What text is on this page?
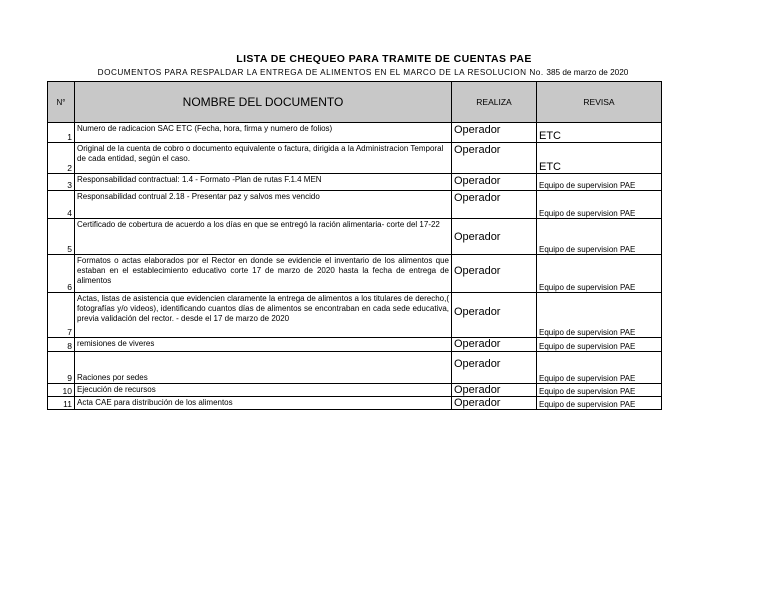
LISTA DE CHEQUEO PARA TRAMITE DE CUENTAS PAE
DOCUMENTOS PARA RESPALDAR LA ENTREGA DE ALIMENTOS EN EL MARCO DE LA RESOLUCION No. 385 de marzo de 2020
N°	NOMBRE DEL DOCUMENTO	REALIZA	REVISA
1	Numero de radicacion SAC ETC (Fecha, hora, firma y numero de folios)	Operador	ETC
2	Original de la cuenta de cobro o documento equivalente o factura, dirigida a la Administracion Temporal de cada entidad, según el caso.	Operador	ETC
3	Responsabilidad contractual: 1.4 - Formato -Plan de rutas F.1.4 MEN	Operador	Equipo de supervision PAE
4	Responsabilidad contrual 2.18 - Presentar paz y salvos mes vencido	Operador	Equipo de supervision PAE
5	Certificado de cobertura de acuerdo a los días en que se entregó la ración alimentaria- corte del 17-22	Operador	Equipo de supervision PAE
6	Formatos o actas elaborados por el Rector en donde se evidencie el inventario de los alimentos que estaban en el establecimiento educativo corte 17 de marzo de 2020 hasta la fecha de entrega de alimentos	Operador	Equipo de supervision PAE
7	Actas, listas de asistencia que evidencien claramente la entrega de alimentos a los titulares de derecho,( fotografías y/o videos), identificando cuantos días de alimentos se encontraban en cada sede educativa, previa validación del rector. - desde el 17 de marzo de 2020	Operador	Equipo de supervision PAE
8	remisiones de viveres	Operador	Equipo de supervision PAE
9	Raciones por sedes	Operador	Equipo de supervision PAE
10	Ejecución de recursos	Operador	Equipo de supervision PAE
11	Acta CAE para distribución de los alimentos	Operador	Equipo de supervision PAE
